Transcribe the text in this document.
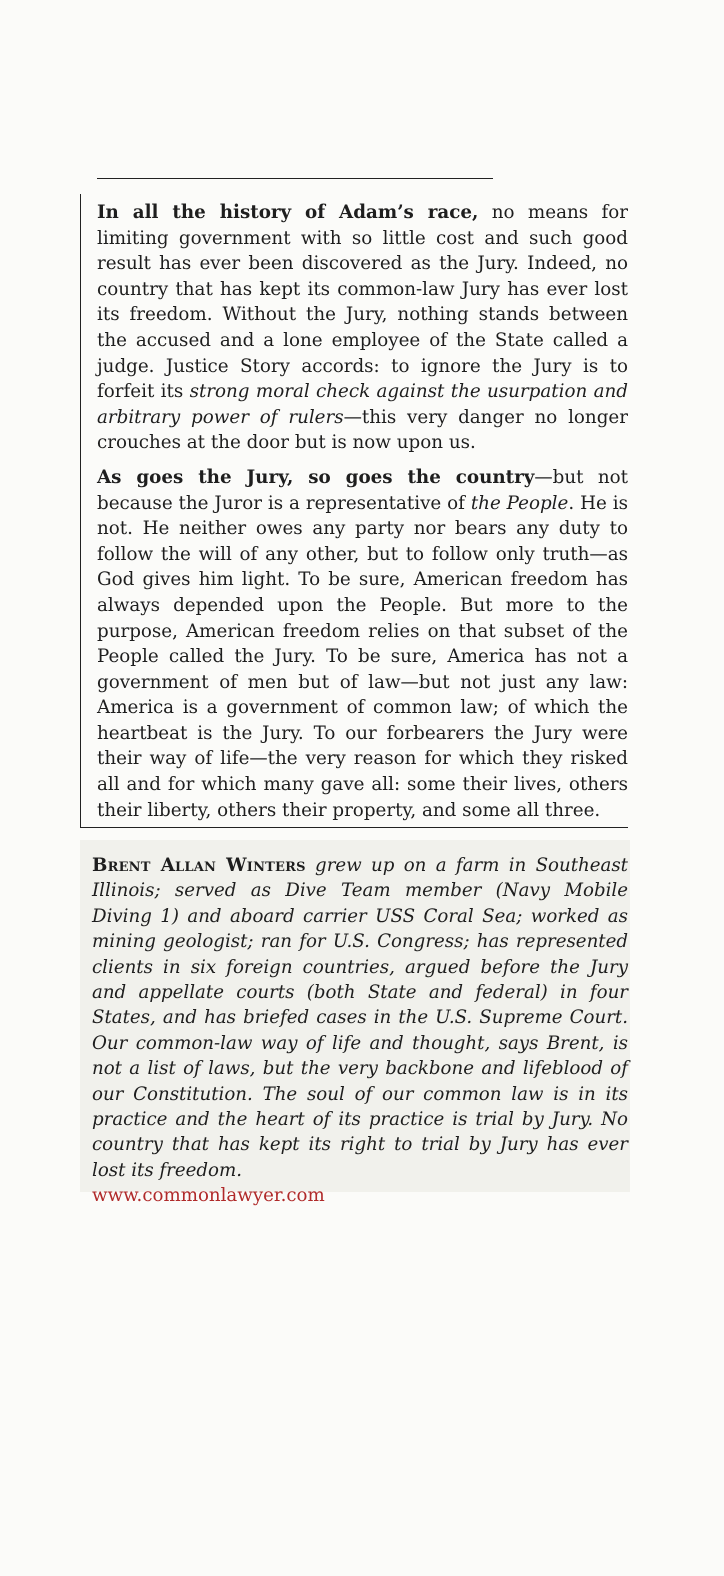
In all the history of Adam’s race, no means for limiting government with so little cost and such good result has ever been discovered as the Jury. Indeed, no country that has kept its common-law Jury has ever lost its freedom. Without the Jury, nothing stands between the accused and a lone employee of the State called a judge. Justice Story accords: to ignore the Jury is to forfeit its strong moral check against the usurpation and arbitrary power of rulers—this very danger no longer crouches at the door but is now upon us.

As goes the Jury, so goes the country—but not because the Juror is a representative of the People. He is not. He neither owes any party nor bears any duty to follow the will of any other, but to follow only truth—as God gives him light. To be sure, American freedom has always depended upon the People. But more to the purpose, American freedom relies on that subset of the People called the Jury. To be sure, America has not a government of men but of law—but not just any law: America is a government of common law; of which the heartbeat is the Jury. To our forbearers the Jury were their way of life—the very reason for which they risked all and for which many gave all: some their lives, others their liberty, others their property, and some all three.

Brent Allan Winters grew up on a farm in Southeast Illinois; served as Dive Team member (Navy Mobile Diving 1) and aboard carrier USS Coral Sea; worked as mining geologist; ran for U.S. Congress; has represented clients in six foreign countries, argued before the Jury and appellate courts (both State and federal) in four States, and has briefed cases in the U.S. Supreme Court. Our common-law way of life and thought, says Brent, is not a list of laws, but the very backbone and lifeblood of our Constitution. The soul of our common law is in its practice and the heart of its practice is trial by Jury. No country that has kept its right to trial by Jury has ever lost its freedom.
www.commonlawyer.com
